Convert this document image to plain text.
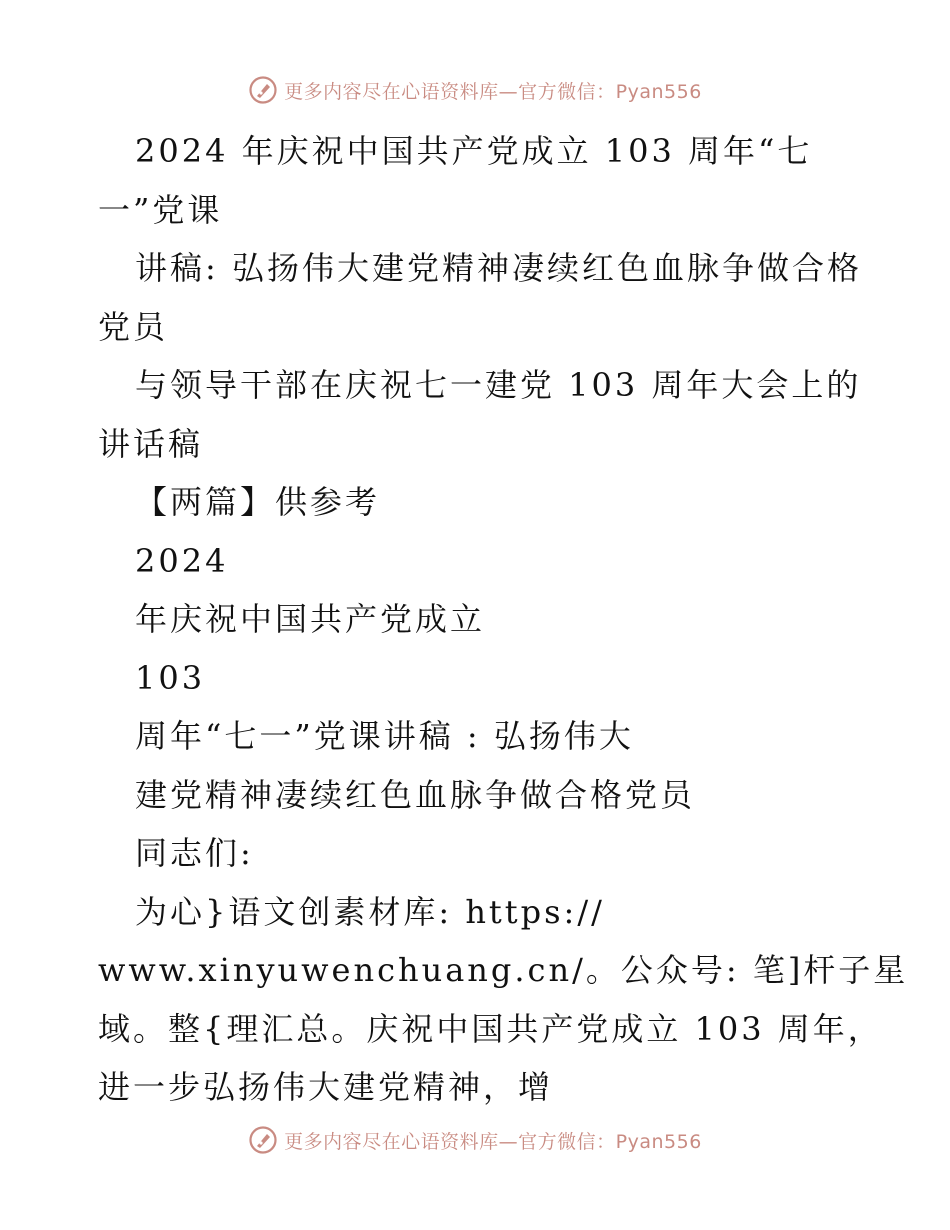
更多内容尽在心语资料库—官方微信：Pyan556
2024 年庆祝中国共产党成立 103 周年“七
一”党课
讲稿: 弘扬伟大建党精神凄续红色血脉争做合格
党员
与领导干部在庆祝七一建党 103 周年大会上的
讲话稿
【两篇】供参考
2024
年庆祝中国共产党成立
103
周年“七一”党课讲稿 : 弘扬伟大
建党精神凄续红色血脉争做合格党员
同志们:
为心}语文创素材库: https://
www.xinyuwenchuang.cn/。公众号: 笔]杆子星
域。整{理汇总。庆祝中国共产党成立 103 周年，
进一步弘扬伟大建党精神，增
更多内容尽在心语资料库—官方微信：Pyan556
